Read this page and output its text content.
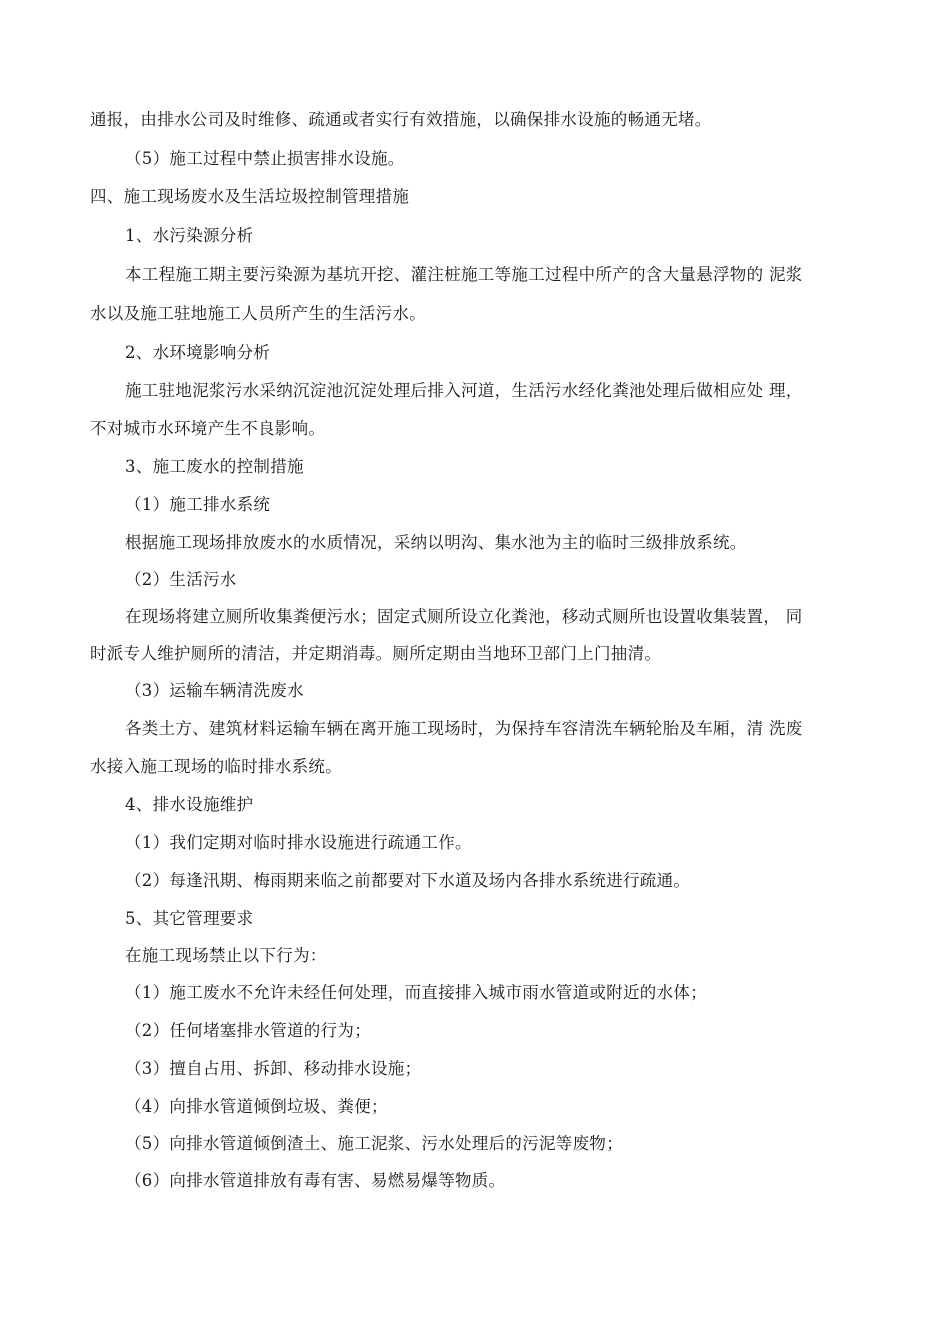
通报，由排水公司及时维修、疏通或者实行有效措施，以确保排水设施的畅通无堵。
（5）施工过程中禁止损害排水设施。
四、施工现场废水及生活垃圾控制管理措施
1、水污染源分析
本工程施工期主要污染源为基坑开挖、灌注桩施工等施工过程中所产的含大量悬浮物的 泥浆
水以及施工驻地施工人员所产生的生活污水。
2、水环境影响分析
施工驻地泥浆污水采纳沉淀池沉淀处理后排入河道，生活污水经化粪池处理后做相应处 理，
不对城市水环境产生不良影响。
3、施工废水的控制措施
（1）施工排水系统
根据施工现场排放废水的水质情况，采纳以明沟、集水池为主的临时三级排放系统。
（2）生活污水
在现场将建立厕所收集粪便污水；固定式厕所设立化粪池，移动式厕所也设置收集装置， 同
时派专人维护厕所的清洁，并定期消毒。厕所定期由当地环卫部门上门抽清。
（3）运输车辆清洗废水
各类土方、建筑材料运输车辆在离开施工现场时，为保持车容清洗车辆轮胎及车厢，清 洗废
水接入施工现场的临时排水系统。
4、排水设施维护
（1）我们定期对临时排水设施进行疏通工作。
（2）每逢汛期、梅雨期来临之前都要对下水道及场内各排水系统进行疏通。
5、其它管理要求
在施工现场禁止以下行为：
（1）施工废水不允许未经任何处理，而直接排入城市雨水管道或附近的水体；
（2）任何堵塞排水管道的行为；
（3）擅自占用、拆卸、移动排水设施；
（4）向排水管道倾倒垃圾、粪便；
（5）向排水管道倾倒渣土、施工泥浆、污水处理后的污泥等废物；
（6）向排水管道排放有毒有害、易燃易爆等物质。
